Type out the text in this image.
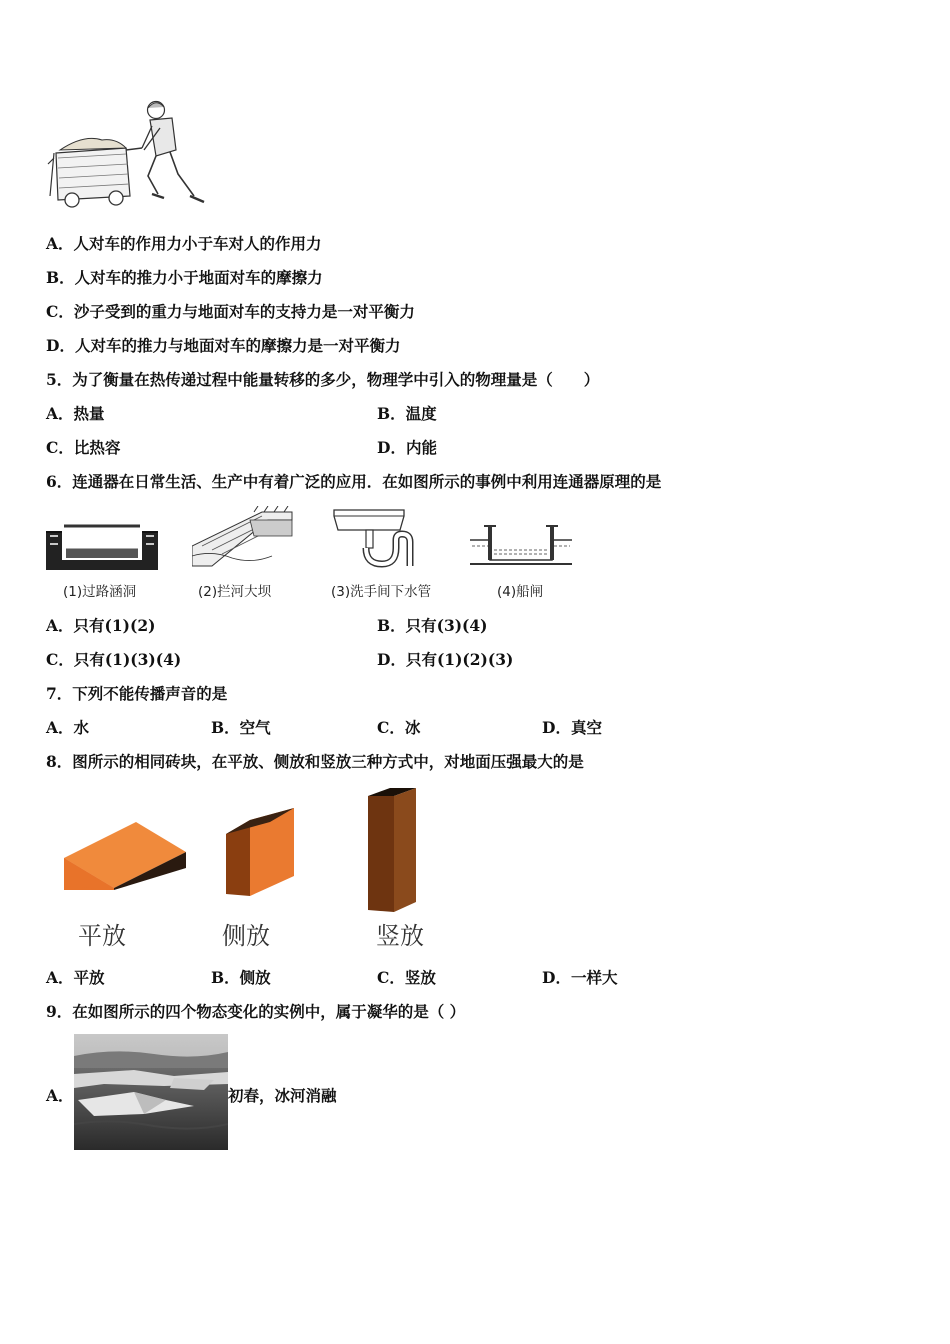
A．人对车的作用力小于车对人的作用力
B．人对车的推力小于地面对车的摩擦力
C．沙子受到的重力与地面对车的支持力是一对平衡力
D．人对车的推力与地面对车的摩擦力是一对平衡力
5．为了衡量在热传递过程中能量转移的多少，物理学中引入的物理量是（　　）
A．热量	B．温度
C．比热容	D．内能
6．连通器在日常生活、生产中有着广泛的应用．在如图所示的事例中利用连通器原理的是
(1)过路涵洞	(2)拦河大坝	(3)洗手间下水管	(4)船闸
A．只有(1)(2)	B．只有(3)(4)
C．只有(1)(3)(4)	D．只有(1)(2)(3)
7．下列不能传播声音的是
A．水	B．空气	C．冰	D．真空
8．图所示的相同砖块，在平放、侧放和竖放三种方式中，对地面压强最大的是
平放	侧放	竖放
A．平放	B．侧放	C．竖放	D．一样大
9．在如图所示的四个物态变化的实例中，属于凝华的是（ ）
A．	初春，冰河消融
